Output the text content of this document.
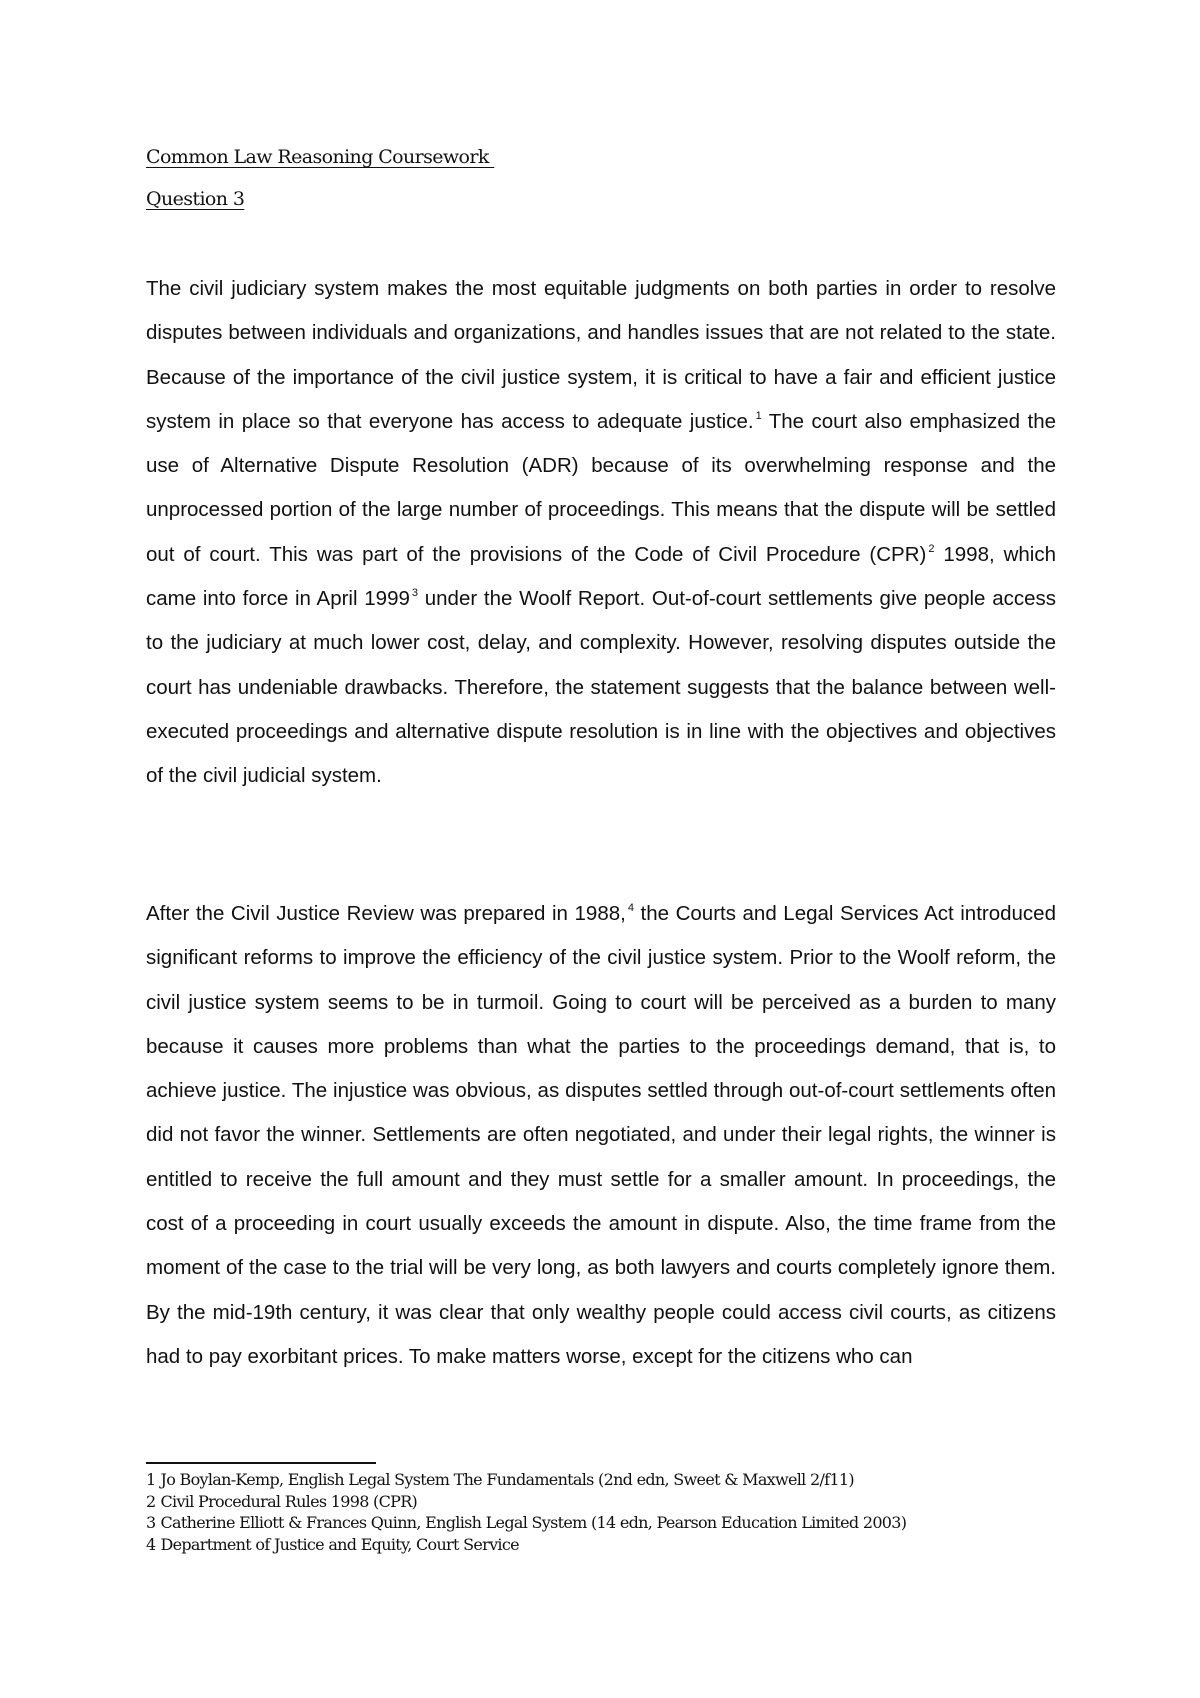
Common Law Reasoning Coursework
Question 3

The civil judiciary system makes the most equitable judgments on both parties in order to resolve disputes between individuals and organizations, and handles issues that are not related to the state. Because of the importance of the civil justice system, it is critical to have a fair and efficient justice system in place so that everyone has access to adequate justice. $^1$ The court also emphasized the use of Alternative Dispute Resolution (ADR) because of its overwhelming response and the unprocessed portion of the large number of proceedings. This means that the dispute will be settled out of court. This was part of the provisions of the Code of Civil Procedure (CPR) $^2$ 1998, which came into force in April 1999 $^3$ under the Woolf Report. Out-of-court settlements give people access to the judiciary at much lower cost, delay, and complexity. However, resolving disputes outside the court has undeniable drawbacks. Therefore, the statement suggests that the balance between well-executed proceedings and alternative dispute resolution is in line with the objectives and objectives of the civil judicial system.

After the Civil Justice Review was prepared in 1988, $^4$ the Courts and Legal Services Act introduced significant reforms to improve the efficiency of the civil justice system. Prior to the Woolf reform, the civil justice system seems to be in turmoil. Going to court will be perceived as a burden to many because it causes more problems than what the parties to the proceedings demand, that is, to achieve justice. The injustice was obvious, as disputes settled through out-of-court settlements often did not favor the winner. Settlements are often negotiated, and under their legal rights, the winner is entitled to receive the full amount and they must settle for a smaller amount. In proceedings, the cost of a proceeding in court usually exceeds the amount in dispute. Also, the time frame from the moment of the case to the trial will be very long, as both lawyers and courts completely ignore them. By the mid-19th century, it was clear that only wealthy people could access civil courts, as citizens had to pay exorbitant prices. To make matters worse, except for the citizens who can

1 Jo Boylan-Kemp, English Legal System The Fundamentals (2nd edn, Sweet & Maxwell 2/f11)
2 Civil Procedural Rules 1998 (CPR)
3 Catherine Elliott & Frances Quinn, English Legal System (14 edn, Pearson Education Limited 2003)
4 Department of Justice and Equity, Court Service
